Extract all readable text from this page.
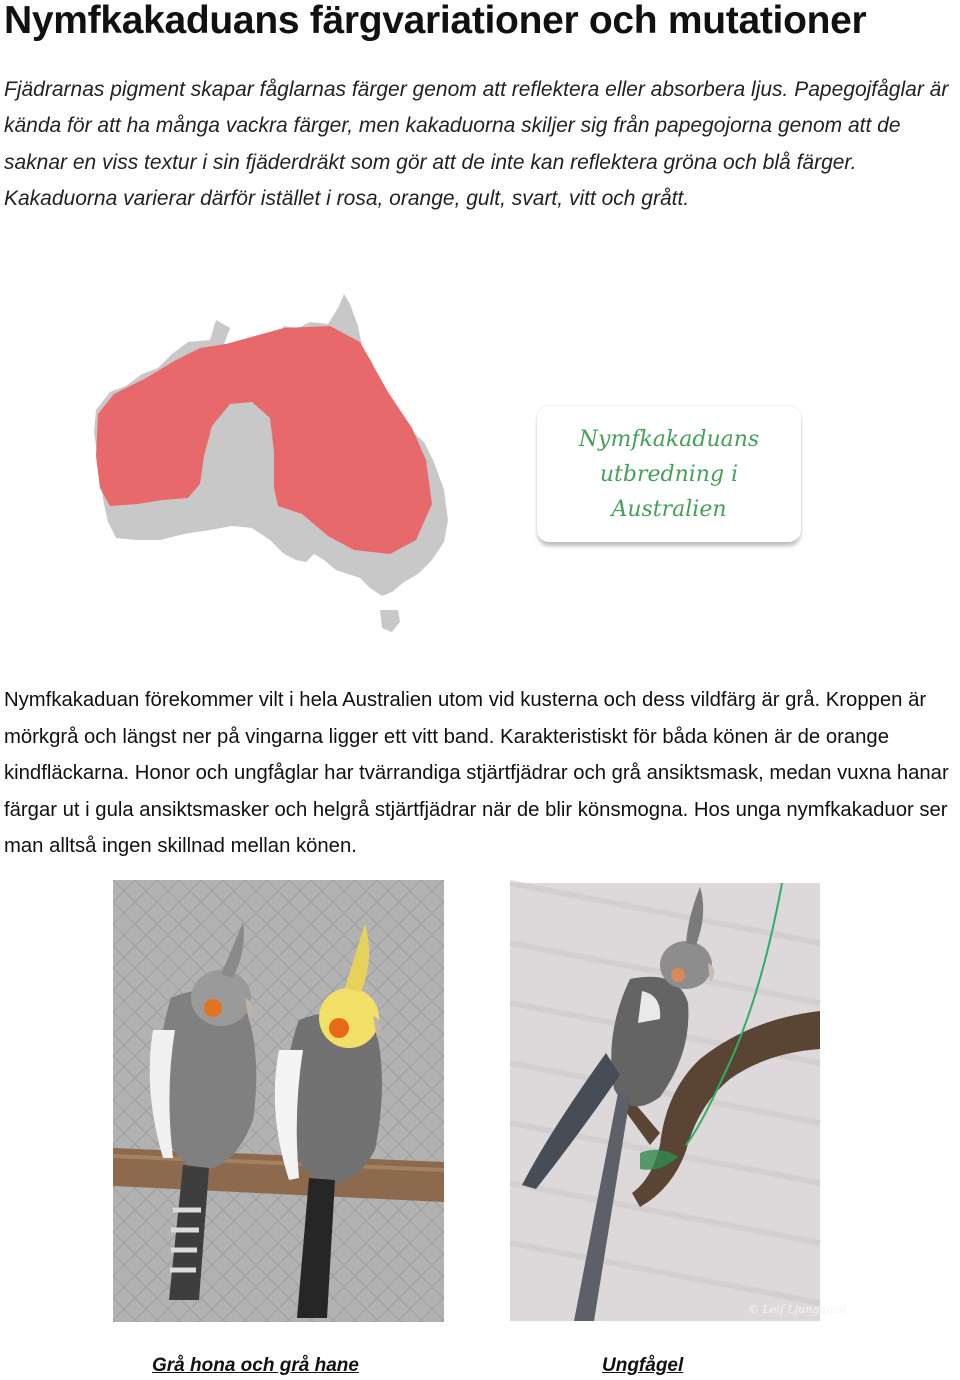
Nymfkakaduans färgvariationer och mutationer

Fjädrarnas pigment skapar fåglarnas färger genom att reflektera eller absorbera ljus. Papegojfåglar är kända för att ha många vackra färger, men kakaduorna skiljer sig från papegojorna genom att de saknar en viss textur i sin fjäderdräkt som gör att de inte kan reflektera gröna och blå färger. Kakaduorna varierar därför istället i rosa, orange, gult, svart, vitt och grått.

Nymfkakaduans
utbredning i
Australien

Nymfkakaduan förekommer vilt i hela Australien utom vid kusterna och dess vildfärg är grå. Kroppen är mörkgrå och längst ner på vingarna ligger ett vitt band. Karakteristiskt för båda könen är de orange kindfläckarna. Honor och ungfåglar har tvärrandiga stjärtfjädrar och grå ansiktsmask, medan vuxna hanar färgar ut i gula ansiktsmasker och helgrå stjärtfjädrar när de blir könsmogna. Hos unga nymfkakaduor ser man alltså ingen skillnad mellan könen.

© Leif Ljungquist
Grå hona och grå hane	Ungfågel
